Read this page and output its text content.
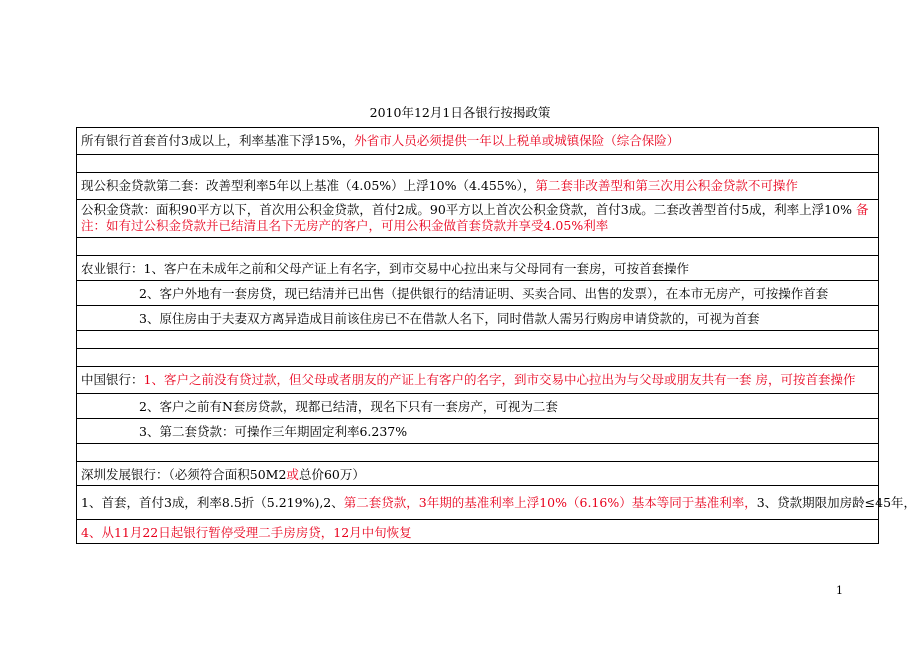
2010年12月1日各银行按揭政策
所有银行首套首付3成以上，利率基准下浮15%，外省市人员必须提供一年以上税单或城镇保险（综合保险）
现公积金贷款第二套：改善型利率5年以上基准（4.05%）上浮10%（4.455%），第二套非改善型和第三次用公积金贷款不可操作
公积金贷款：面积90平方以下，首次用公积金贷款，首付2成。90平方以上首次公积金贷款，首付3成。二套改善型首付5成，利率上浮10% 备注：如有过公积金贷款并已结清且名下无房产的客户，可用公积金做首套贷款并享受4.05%利率
农业银行：1、客户在未成年之前和父母产证上有名字，到市交易中心拉出来与父母同有一套房，可按首套操作
2、客户外地有一套房贷，现已结清并已出售（提供银行的结清证明、买卖合同、出售的发票），在本市无房产，可按操作首套
3、原住房由于夫妻双方离异造成目前该住房已不在借款人名下，同时借款人需另行购房申请贷款的，可视为首套
中国银行：1、客户之前没有贷过款，但父母或者朋友的产证上有客户的名字，到市交易中心拉出为与父母或朋友共有一套 房，可按首套操作
2、客户之前有N套房贷款，现都已结清，现名下只有一套房产，可视为二套
3、第二套贷款：可操作三年期固定利率6.237%
深圳发展银行：（必须符合面积50M2或总价60万）
1、首套，首付3成，利率8.5折（5.219%),2、第二套贷款，3年期的基准利率上浮10%（6.16%）基本等同于基准利率，3、贷款期限加房龄≤45年，
4、从11月22日起银行暂停受理二手房房贷，12月中旬恢复
1
